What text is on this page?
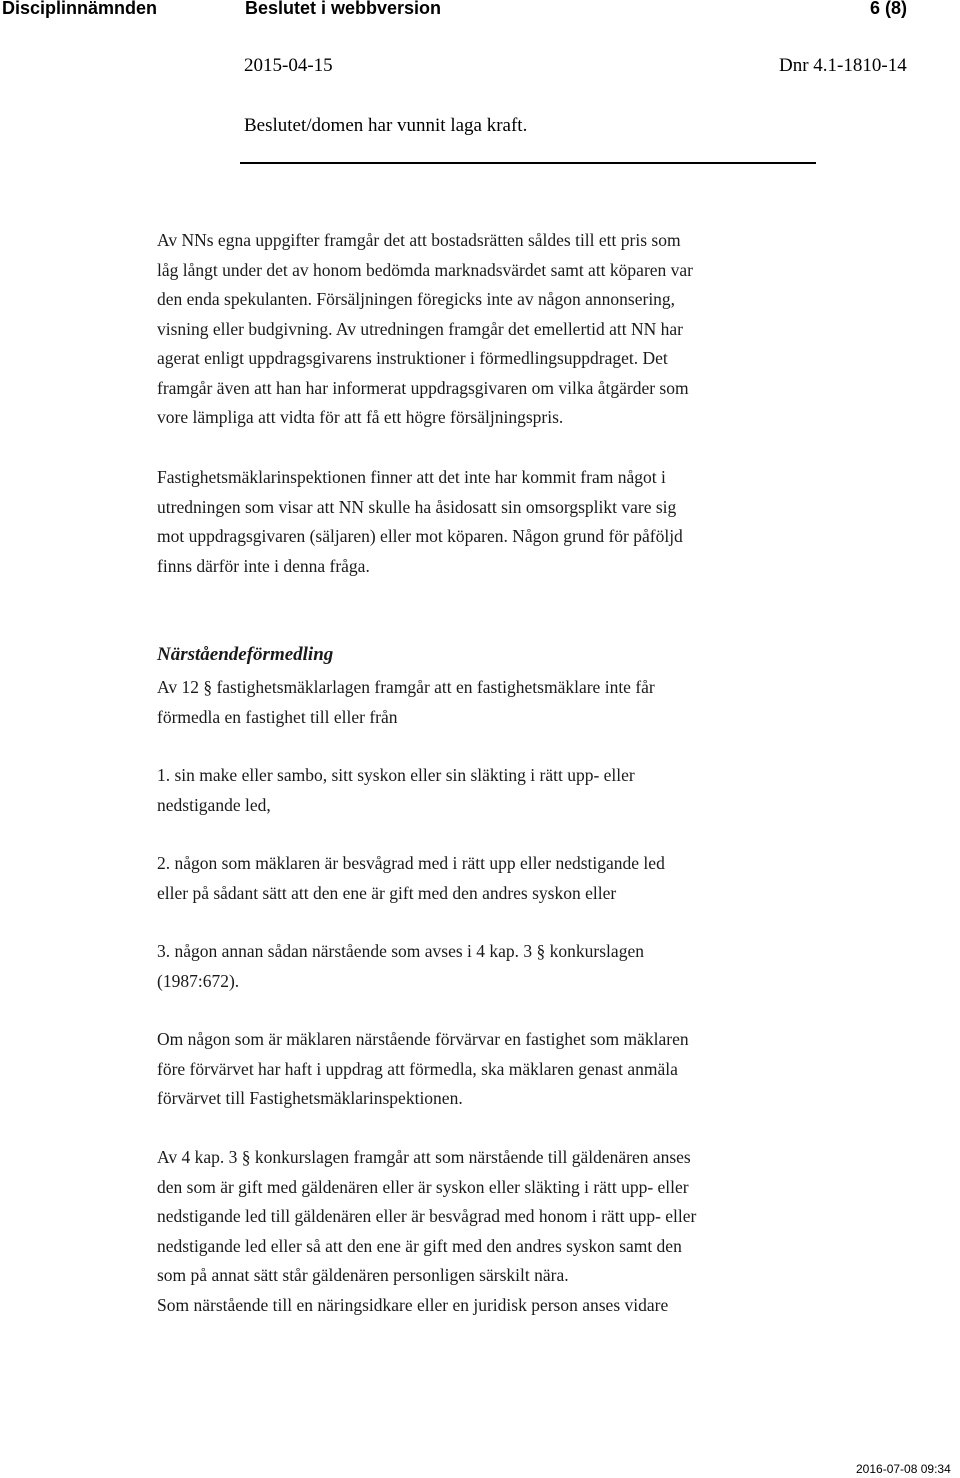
Disciplinnämnden	Beslutet i webbversion	6 (8)
2015-04-15	Dnr 4.1-1810-14
Beslutet/domen har vunnit laga kraft.
Av NNs egna uppgifter framgår det att bostadsrätten såldes till ett pris som
låg långt under det av honom bedömda marknadsvärdet samt att köparen var
den enda spekulanten. Försäljningen föregicks inte av någon annonsering,
visning eller budgivning. Av utredningen framgår det emellertid att NN har
agerat enligt uppdragsgivarens instruktioner i förmedlingsuppdraget. Det
framgår även att han har informerat uppdragsgivaren om vilka åtgärder som
vore lämpliga att vidta för att få ett högre försäljningspris.
Fastighetsmäklarinspektionen finner att det inte har kommit fram något i
utredningen som visar att NN skulle ha åsidosatt sin omsorgsplikt vare sig
mot uppdragsgivaren (säljaren) eller mot köparen. Någon grund för påföljd
finns därför inte i denna fråga.
Närståendeförmedling
Av 12 § fastighetsmäklarlagen framgår att en fastighetsmäklare inte får
förmedla en fastighet till eller från
1. sin make eller sambo, sitt syskon eller sin släkting i rätt upp- eller
nedstigande led,
2. någon som mäklaren är besvågrad med i rätt upp eller nedstigande led
eller på sådant sätt att den ene är gift med den andres syskon eller
3. någon annan sådan närstående som avses i 4 kap. 3 § konkurslagen
(1987:672).
Om någon som är mäklaren närstående förvärvar en fastighet som mäklaren
före förvärvet har haft i uppdrag att förmedla, ska mäklaren genast anmäla
förvärvet till Fastighetsmäklarinspektionen.
Av 4 kap. 3 § konkurslagen framgår att som närstående till gäldenären anses
den som är gift med gäldenären eller är syskon eller släkting i rätt upp- eller
nedstigande led till gäldenären eller är besvågrad med honom i rätt upp- eller
nedstigande led eller så att den ene är gift med den andres syskon samt den
som på annat sätt står gäldenären personligen särskilt nära.
Som närstående till en näringsidkare eller en juridisk person anses vidare
2016-07-08 09:34
